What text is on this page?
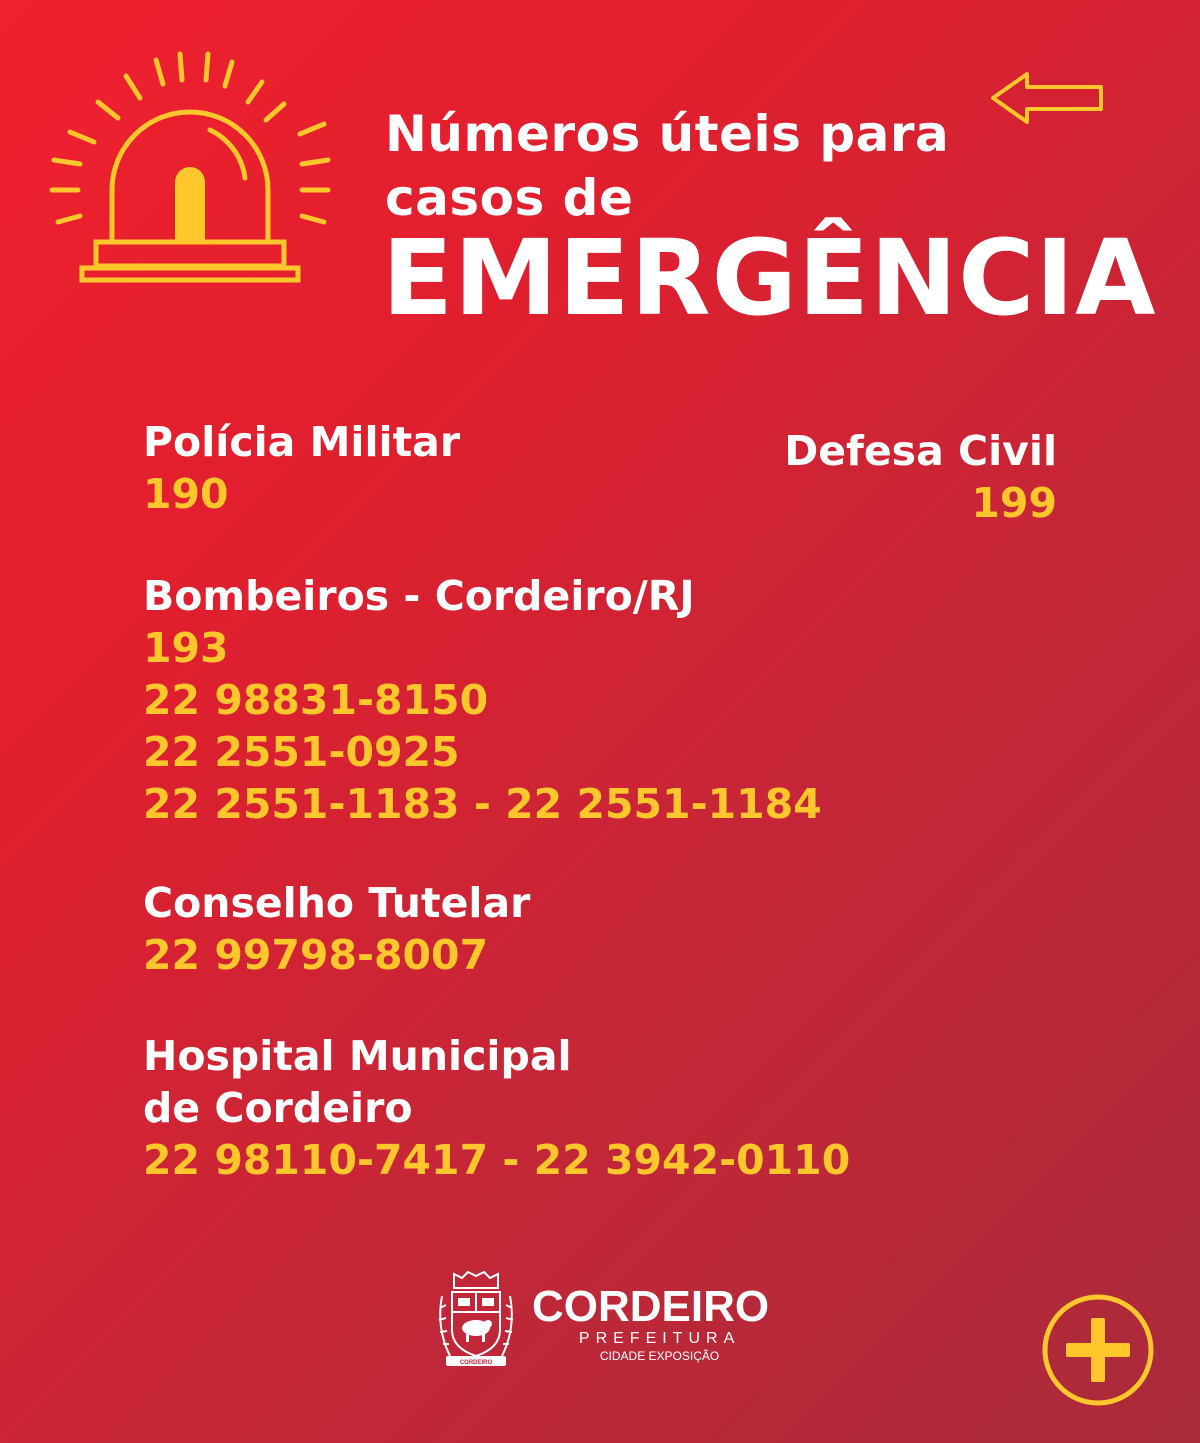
Números úteis para
casos de
EMERGÊNCIA
Polícia Militar
190
Defesa Civil
199
Bombeiros - Cordeiro/RJ
193
22 98831-8150
22 2551-0925
22 2551-1183 - 22 2551-1184
Conselho Tutelar
22 99798-8007
Hospital Municipal
de Cordeiro
22 98110-7417 - 22 3942-0110
CORDEIRO
CORDEIRO
PREFEITURA
CIDADE EXPOSIÇÃO
